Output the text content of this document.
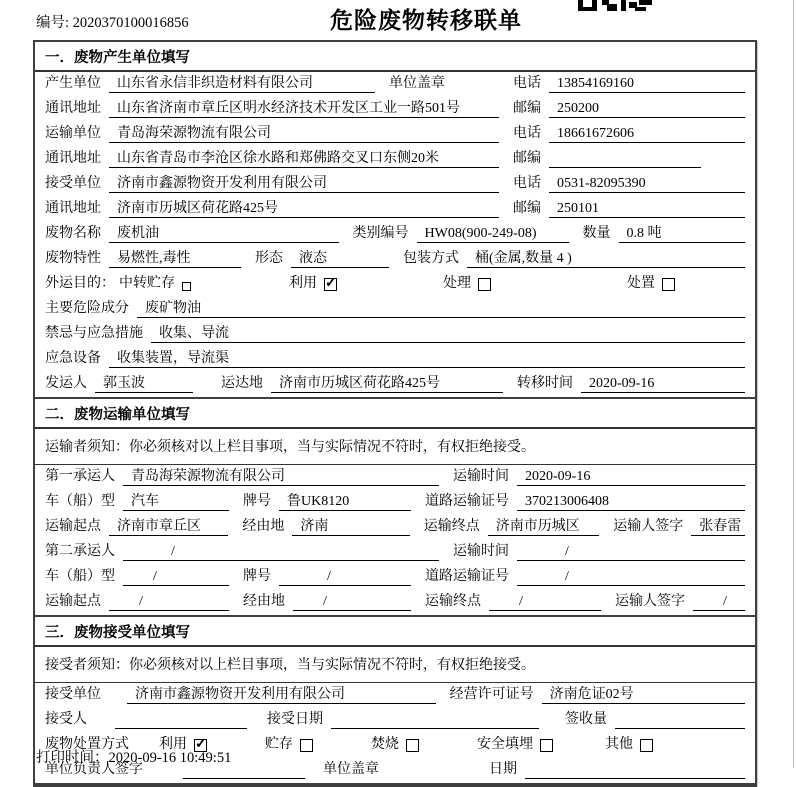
编号: 2020370100016856	危险废物转移联单
一．废物产生单位填写
产生单位	山东省永信非织造材料有限公司	单位盖章	电话	13854169160
通讯地址	山东省济南市章丘区明水经济技术开发区工业一路501号	邮编	250200
运输单位	青岛海荣源物流有限公司	电话	18661672606
通讯地址	山东省青岛市李沧区徐水路和郑佛路交叉口东侧20米	邮编
接受单位	济南市鑫源物资开发利用有限公司	电话	0531-82095390
通讯地址	济南市历城区荷花路425号	邮编	250101
废物名称	废机油	类别编号	HW08(900-249-08)	数量	0.8 吨
废物特性	易燃性,毒性	形态	液态	包装方式	桶(金属,数量 4 )
外运目的： 中转贮存	利用 ✓	处理	处置
主要危险成分	废矿物油
禁忌与应急措施	收集、导流
应急设备	收集装置，导流渠
发运人	郭玉波	运达地	济南市历城区荷花路425号	转移时间	2020-09-16
二．废物运输单位填写
运输者须知：你必须核对以上栏目事项，当与实际情况不符时，有权拒绝接受。
第一承运人	青岛海荣源物流有限公司	运输时间	2020-09-16
车（船）型	汽车	牌号	鲁UK8120	道路运输证号	370213006408
运输起点	济南市章丘区	经由地	济南	运输终点	济南市历城区	运输人签字	张春雷
第二承运人	/	运输时间	/
车（船）型	/	牌号	/	道路运输证号	/
运输起点	/	经由地	/	运输终点	/	运输人签字	/
三．废物接受单位填写
接受者须知：你必须核对以上栏目事项，当与实际情况不符时，有权拒绝接受。
接受单位	济南市鑫源物资开发利用有限公司	经营许可证号	济南危证02号
接受人	接受日期	签收量
废物处置方式 利用 ✓	贮存	焚烧	安全填埋	其他
单位负责人签字	单位盖章	日期
打印时间：2020-09-16 10:49:51
